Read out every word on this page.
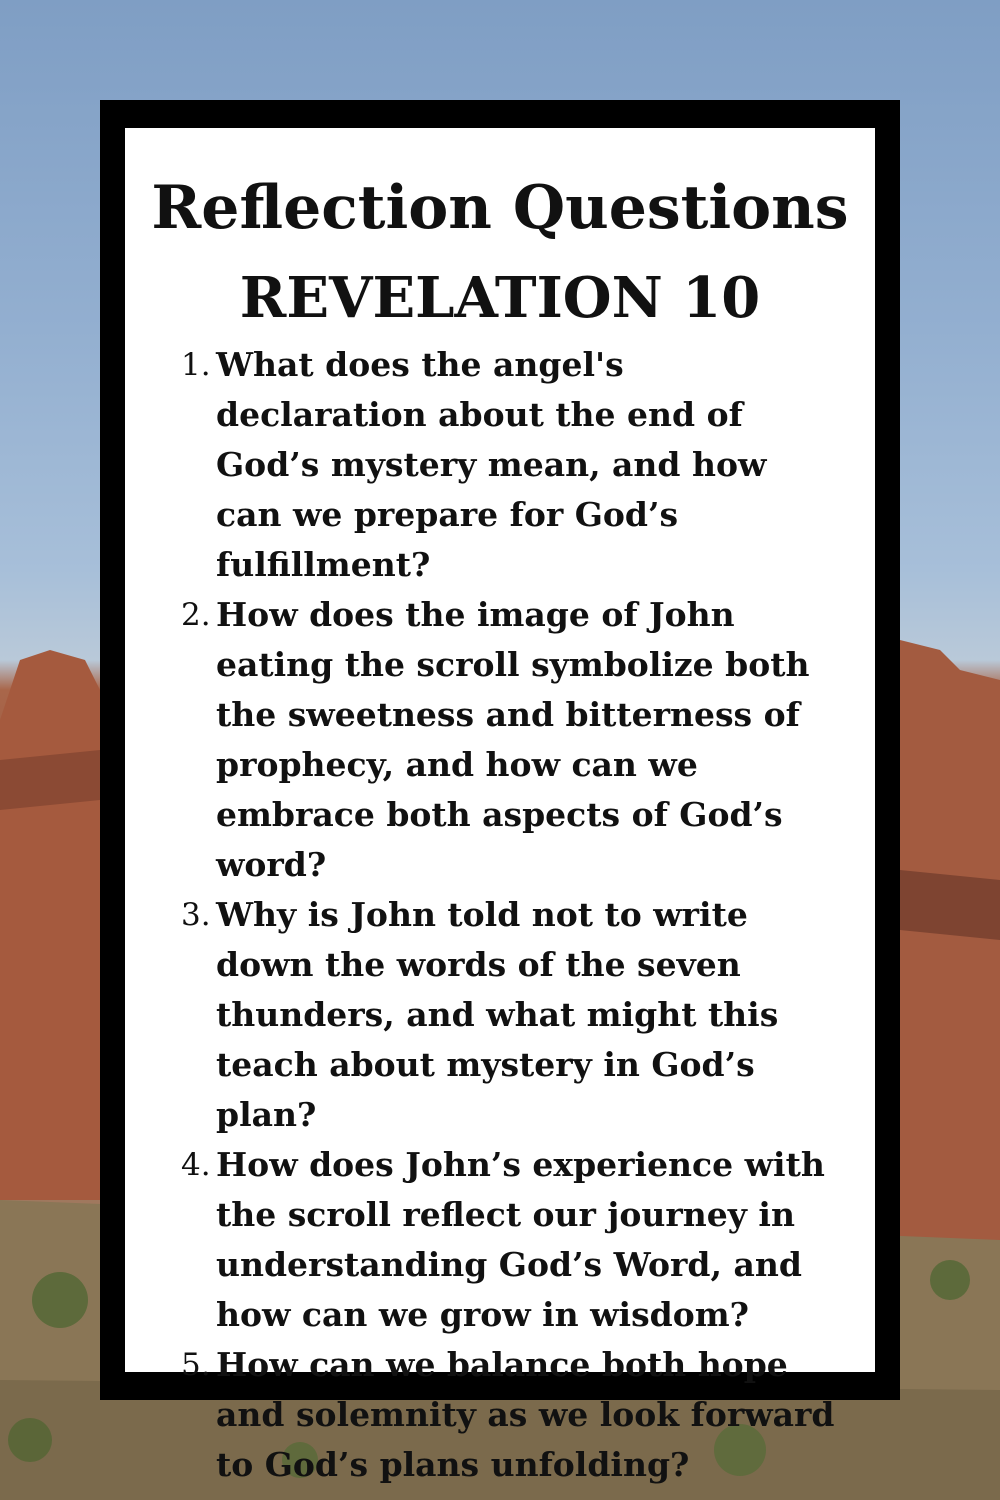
Reflection Questions
REVELATION 10
1. What does the angel's declaration about the end of God’s mystery mean, and how can we prepare for God’s fulfillment?
2. How does the image of John eating the scroll symbolize both the sweetness and bitterness of prophecy, and how can we embrace both aspects of God’s word?
3. Why is John told not to write down the words of the seven thunders, and what might this teach about mystery in God’s plan?
4. How does John’s experience with the scroll reflect our journey in understanding God’s Word, and how can we grow in wisdom?
5. How can we balance both hope and solemnity as we look forward to God’s plans unfolding?
